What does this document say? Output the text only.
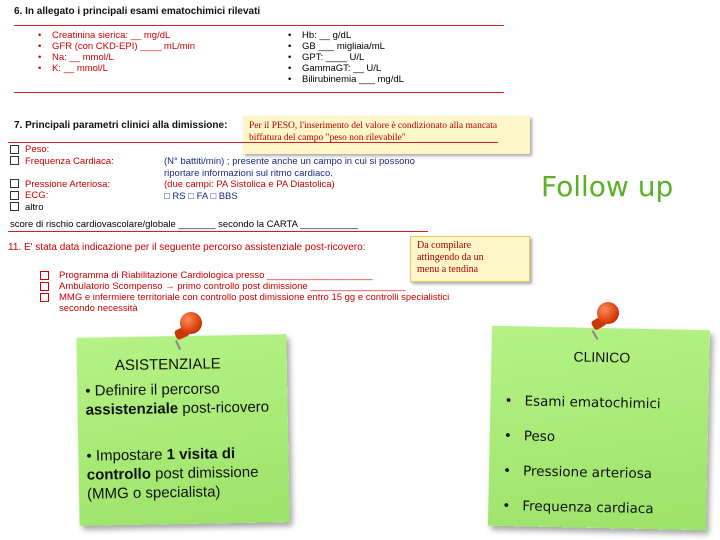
6. In allegato i principali esami ematochimici rilevati
• Creatinina sierica: __ mg/dL
• GFR (con CKD-EPI) ____ mL/min
• Na: __ mmol/L
• K: __ mmol/L
• Hb: __ g/dL
• GB ___ migliaia/mL
• GPT: ____ U/L
• GammaGT: __ U/L
• Bilirubinemia ___ mg/dL
7. Principali parametri clinici alla dimissione: Per il PESO, l'inserimento del valore è condizionato alla mancata
biffatura del campo "peso non rilevabile"
Peso:
Frequenza Cardiaca:

Pressione Arteriosa:
ECG:
altro
(N° battiti/min) ; presente anche un campo in cui si possono
riportare informazioni sul ritmo cardiaco.
(due campi: PA Sistolica e PA Diastolica)
□ RS □ FA □ BBS
score di rischio cardiovascolare/globale _______ secondo la CARTA ___________
11. E' stata data indicazione per il seguente percorso assistenziale post-ricovero:	Da compilare
attingendo da un
menu a tendina
Programma di Riabilitazione Cardiologica presso ____________________
Ambulatorio Scompenso → primo controllo post dimissione __________________
MMG e infermiere territoriale con controllo post dimissione entro 15 gg e controlli specialistici
secondo necessità
Follow up
ASISTENZIALE
• Definire il percorso assistenziale post-ricovero
• Impostare 1 visita di controllo post dimissione (MMG o specialista)
CLINICO
• Esami ematochimici
• Peso
• Pressione arteriosa
• Frequenza cardiaca
